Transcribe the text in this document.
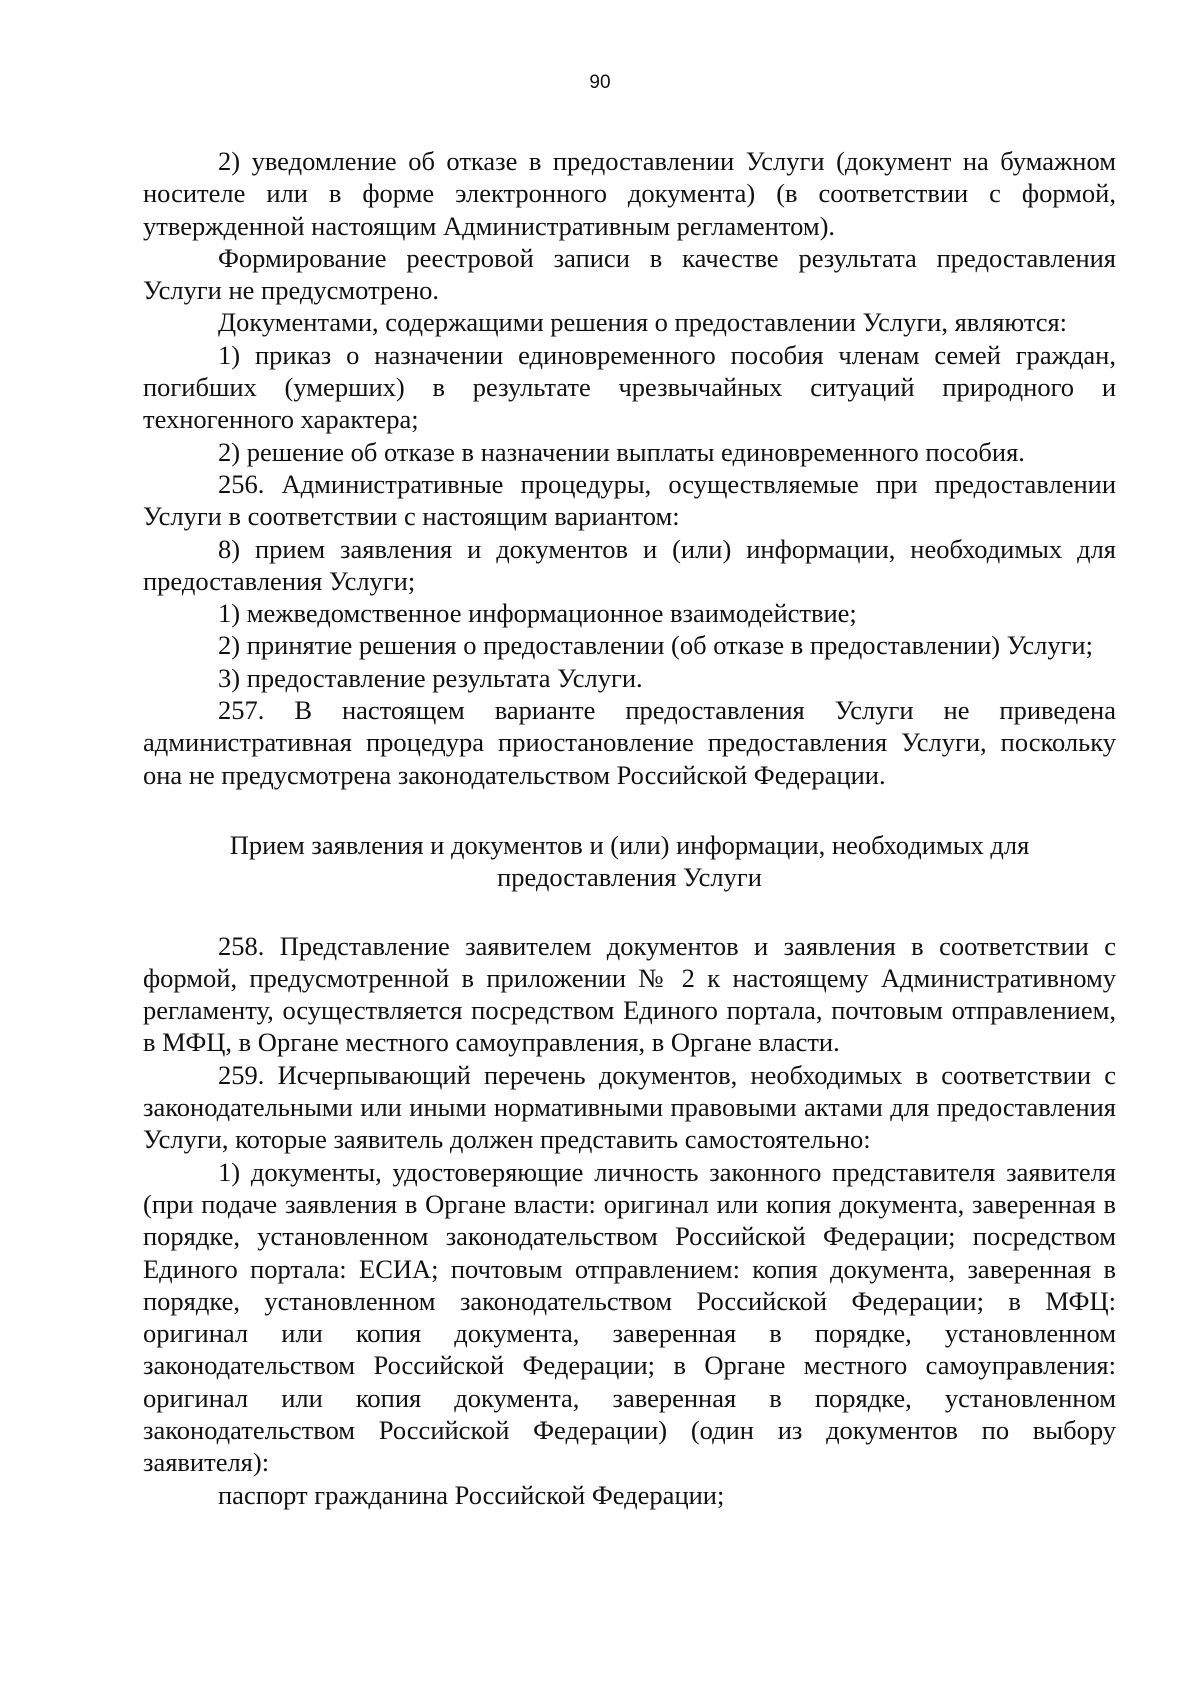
90

2) уведомление об отказе в предоставлении Услуги (документ на бумажном носителе или в форме электронного документа) (в соответствии с формой, утвержденной настоящим Административным регламентом).

Формирование реестровой записи в качестве результата предоставления Услуги не предусмотрено.

Документами, содержащими решения о предоставлении Услуги, являются:

1) приказ о назначении единовременного пособия членам семей граждан, погибших (умерших) в результате чрезвычайных ситуаций природного и техногенного характера;

2) решение об отказе в назначении выплаты единовременного пособия.

256. Административные процедуры, осуществляемые при предоставлении Услуги в соответствии с настоящим вариантом:

8) прием заявления и документов и (или) информации, необходимых для предоставления Услуги;

1) межведомственное информационное взаимодействие;

2) принятие решения о предоставлении (об отказе в предоставлении) Услуги;

3) предоставление результата Услуги.

257. В настоящем варианте предоставления Услуги не приведена административная процедура приостановление предоставления Услуги, поскольку она не предусмотрена законодательством Российской Федерации.

Прием заявления и документов и (или) информации, необходимых для предоставления Услуги

258. Представление заявителем документов и заявления в соответствии с формой, предусмотренной в приложении № 2 к настоящему Административному регламенту, осуществляется посредством Единого портала, почтовым отправлением, в МФЦ, в Органе местного самоуправления, в Органе власти.

259. Исчерпывающий перечень документов, необходимых в соответствии с законодательными или иными нормативными правовыми актами для предоставления Услуги, которые заявитель должен представить самостоятельно:

1) документы, удостоверяющие личность законного представителя заявителя (при подаче заявления в Органе власти: оригинал или копия документа, заверенная в порядке, установленном законодательством Российской Федерации; посредством Единого портала: ЕСИА; почтовым отправлением: копия документа, заверенная в порядке, установленном законодательством Российской Федерации; в МФЦ: оригинал или копия документа, заверенная в порядке, установленном законодательством Российской Федерации; в Органе местного самоуправления: оригинал или копия документа, заверенная в порядке, установленном законодательством Российской Федерации) (один из документов по выбору заявителя):

паспорт гражданина Российской Федерации;
